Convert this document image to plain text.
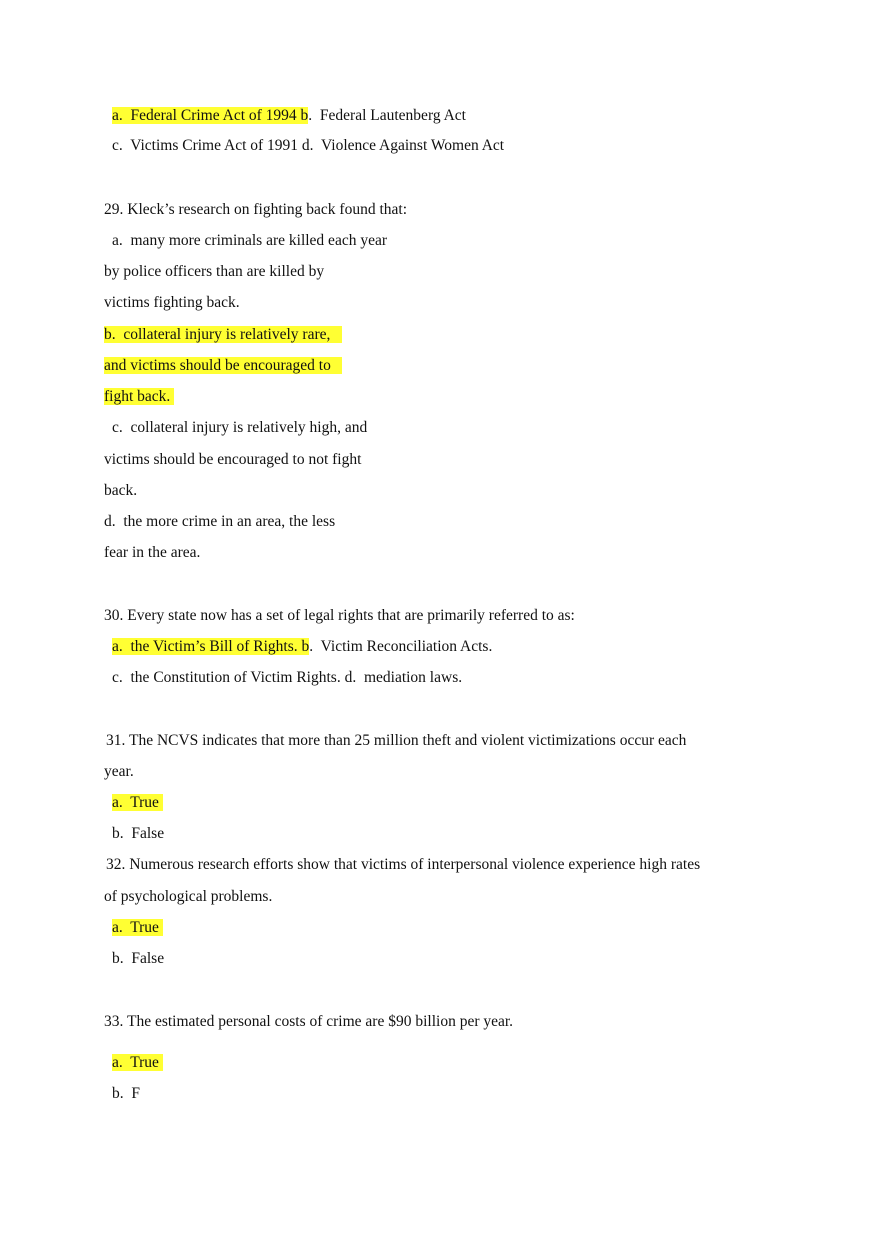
a.  Federal Crime Act of 1994 b.  Federal Lautenberg Act
c.  Victims Crime Act of 1991 d.  Violence Against Women Act
29. Kleck’s research on fighting back found that:
a.  many more criminals are killed each year
by police officers than are killed by
victims fighting back.
b.  collateral injury is relatively rare,
and victims should be encouraged to
fight back.
c.  collateral injury is relatively high, and
victims should be encouraged to not fight
back.
d.  the more crime in an area, the less
fear in the area.
30. Every state now has a set of legal rights that are primarily referred to as:
a.  the Victim’s Bill of Rights. b.  Victim Reconciliation Acts.
c.  the Constitution of Victim Rights. d.  mediation laws.
31. The NCVS indicates that more than 25 million theft and violent victimizations occur each
year.
a.  True
b.  False
32. Numerous research efforts show that victims of interpersonal violence experience high rates
of psychological problems.
a.  True
b.  False
33. The estimated personal costs of crime are $90 billion per year.
a.  True
b.  F
